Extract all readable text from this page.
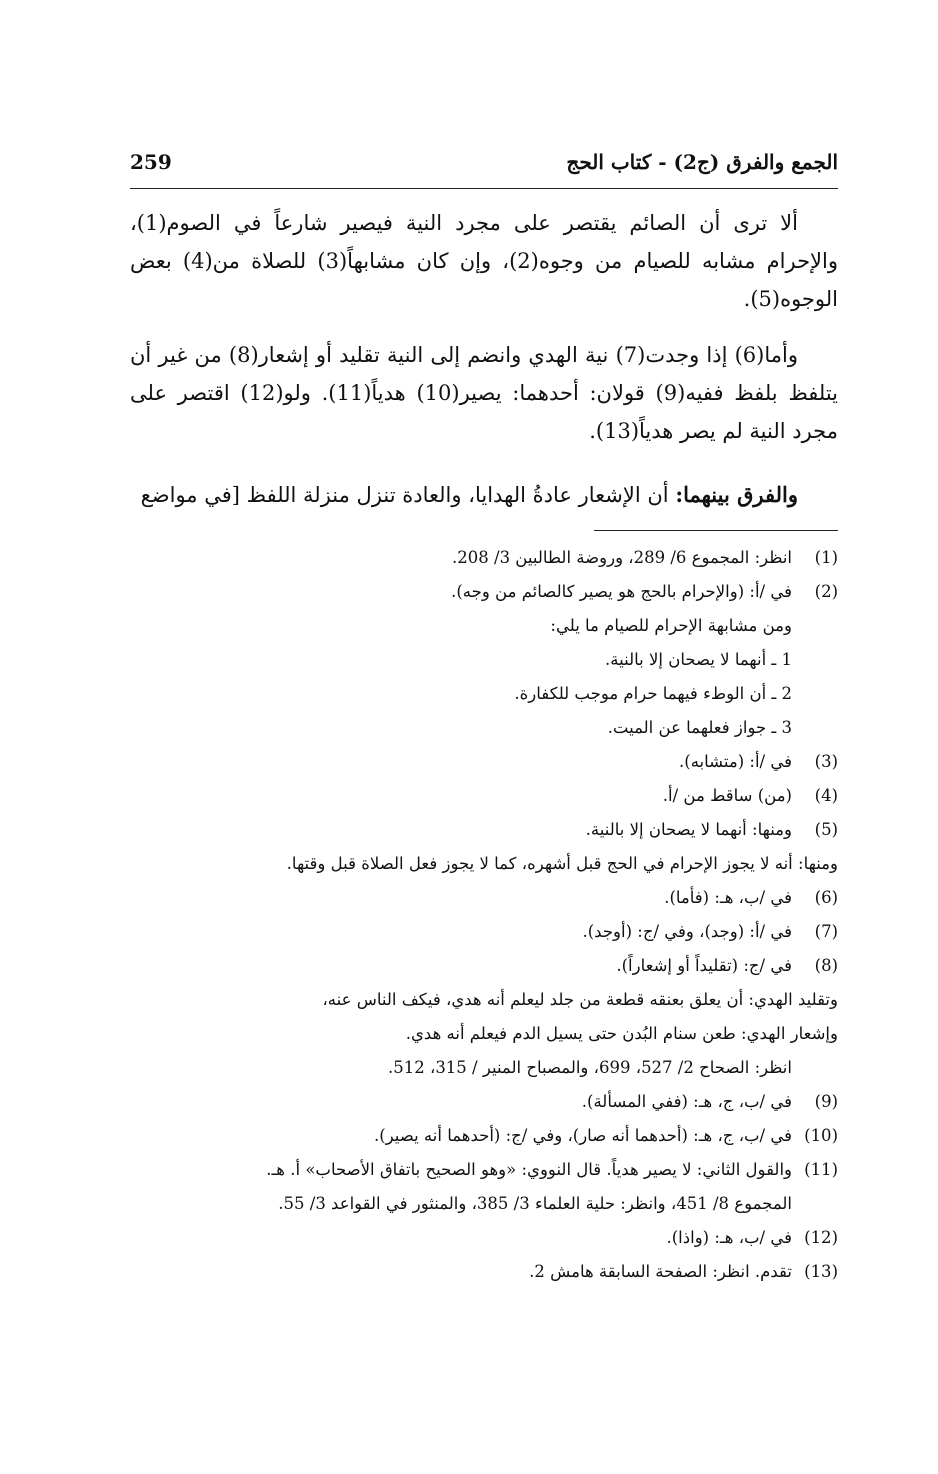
الجمع والفرق (ج2) - كتاب الحج
259

ألا ترى أن الصائم يقتصر على مجرد النية فيصير شارعاً في الصوم(1)، والإحرام مشابه للصيام من وجوه(2)، وإن كان مشابهاً(3) للصلاة من(4) بعض الوجوه(5).

وأما(6) إذا وجدت(7) نية الهدي وانضم إلى النية تقليد أو إشعار(8) من غير أن يتلفظ بلفظ ففيه(9) قولان: أحدهما: يصير(10) هدياً(11). ولو(12) اقتصر على مجرد النية لم يصر هدياً(13).

والفرق بينهما: أن الإشعار عادةُ الهدايا، والعادة تنزل منزلة اللفظ [في مواضع

( 1 )
انظر: المجموع 6/ 289، وروضة الطالبين 3/ 208.
( 2 )
في /أ: (والإحرام بالحج هو يصير كالصائم من وجه).
ومن مشابهة الإحرام للصيام ما يلي:
1 ـ أنهما لا يصحان إلا بالنية.
2 ـ أن الوطء فيهما حرام موجب للكفارة.
3 ـ جواز فعلهما عن الميت.
( 3 )
في /أ: (متشابه).
( 4 )
(من) ساقط من /أ.
( 5 )
ومنها: أنهما لا يصحان إلا بالنية.
ومنها: أنه لا يجوز الإحرام في الحج قبل أشهره، كما لا يجوز فعل الصلاة قبل وقتها.
( 6 )
في /ب، هـ: (فأما).
( 7 )
في /أ: (وجد)، وفي /ج: (أوجد).
( 8 )
في /ج: (تقليداً أو إشعاراً).
وتقليد الهدي: أن يعلق بعنقه قطعة من جلد ليعلم أنه هدي، فيكف الناس عنه،
وإشعار الهدي: طعن سنام البُدن حتى يسيل الدم فيعلم أنه هدي.
انظر: الصحاح 2/ 527، 699، والمصباح المنير / 315، 512.
( 9 )
في /ب، ج، هـ: (ففي المسألة).
( 10 )
في /ب، ج، هـ: (أحدهما أنه صار)، وفي /ج: (أحدهما أنه يصير).
( 11 )
والقول الثاني: لا يصير هدياً. قال النووي: «وهو الصحيح باتفاق الأصحاب» أ. هـ.
المجموع 8/ 451، وانظر: حلية العلماء 3/ 385، والمنثور في القواعد 3/ 55.
( 12 )
في /ب، هـ: (واذا).
( 13 )
تقدم. انظر: الصفحة السابقة هامش 2.
